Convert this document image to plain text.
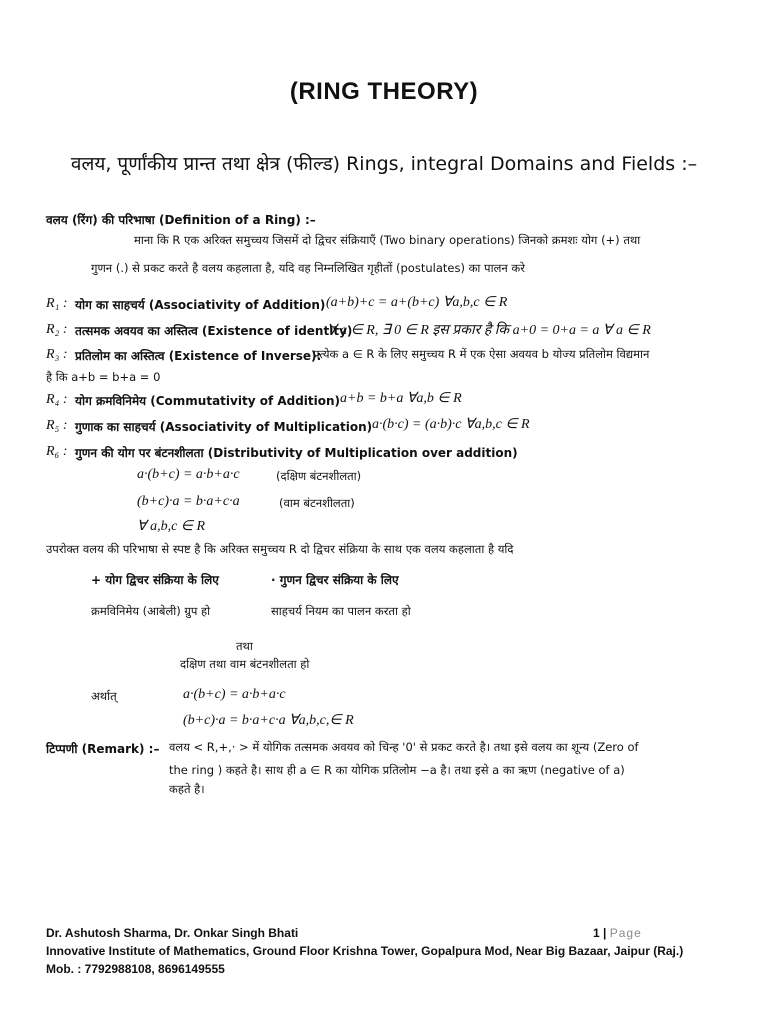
(RING THEORY)
वलय, पूर्णांकीय प्रान्त तथा क्षेत्र (फील्ड) Rings, integral Domains and Fields :–
वलय (रिंग) की परिभाषा (Definition of a Ring) :–
माना कि R एक अरिक्त समुच्चय जिसमें दो द्विचर संक्रियाएँ (Two binary operations) जिनको क्रमशः योग (+) तथा
गुणन (.) से प्रकट करते है वलय कहलाता है, यदि वह निम्नलिखित गृहीतों (postulates) का पालन करे
R₁ : योग का साहचर्य (Associativity of Addition) (a+b)+c = a+(b+c) ∀a,b,c ∈ R
R₂ : तत्समक अवयव का अस्तित्व (Existence of identity)
∀ a ∈ R, ∃ 0 ∈ R इस प्रकार है कि a+0 = 0+a = a ∀ a ∈ R
R₃ : प्रतिलोम का अस्तित्व (Existence of Inverse):
प्रत्येक a ∈ R के लिए समुच्चय R में एक ऐसा अवयव b योज्य प्रतिलोम विद्यमान
है कि a+b = b+a = 0
R₄ : योग क्रमविनिमेय (Commutativity of Addition) a+b = b+a ∀a,b ∈ R
R₅ : गुणाक का साहचर्य (Associativity of Multiplication) a·(b·c) = (a·b)·c ∀a,b,c ∈ R
R₆ : गुणन की योग पर बंटनशीलता (Distributivity of Multiplication over addition)
a·(b+c) = a·b+a·c	(दक्षिण बंटनशीलता)
(b+c)·a = b·a+c·a	(वाम बंटनशीलता)
∀ a,b,c ∈ R
उपरोक्त वलय की परिभाषा से स्पष्ट है कि अरिक्त समुच्चय R दो द्विचर संक्रिया के साथ एक वलय कहलाता है यदि
+ योग द्विचर संक्रिया के लिए	· गुणन द्विचर संक्रिया के लिए
क्रमविनिमेय (आबेली) ग्रुप हो	साहचर्य नियम का पालन करता हो
तथा
दक्षिण तथा वाम बंटनशीलता हो
अर्थात्	a·(b+c) = a·b+a·c
(b+c)·a = b·a+c·a ∀a,b,c,∈ R
टिप्पणी (Remark) :– वलय < R,+,· > में योगिक तत्समक अवयव को चिन्ह '0' से प्रकट करते है। तथा इसे वलय का शून्य (Zero of
the ring ) कहते है। साथ ही a ∈ R का योगिक प्रतिलोम −a है। तथा इसे a का ऋण (negative of a)
कहते है।
Dr. Ashutosh Sharma, Dr. Onkar Singh Bhati	1 | Page
Innovative Institute of Mathematics, Ground Floor Krishna Tower, Gopalpura Mod, Near Big Bazaar, Jaipur (Raj.)
Mob. : 7792988108, 8696149555
